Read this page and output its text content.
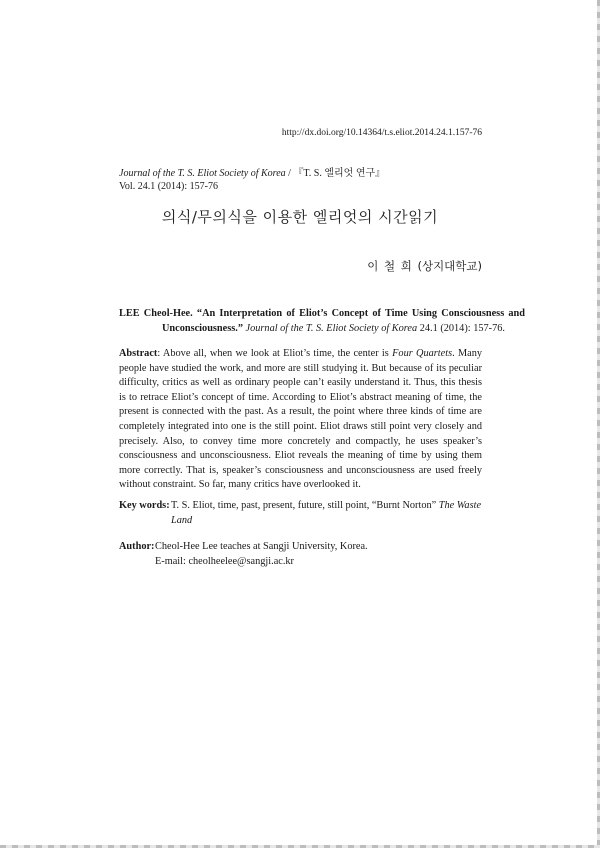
http://dx.doi.org/10.14364/t.s.eliot.2014.24.1.157-76
Journal of the T. S. Eliot Society of Korea / 『T. S. 엘리엇 연구』
Vol. 24.1 (2014): 157-76
의식/무의식을 이용한 엘리엇의 시간읽기
이 철 희 (상지대학교)
LEE Cheol-Hee. “An Interpretation of Eliot’s Concept of Time Using Consciousness and Unconsciousness.” Journal of the T. S. Eliot Society of Korea 24.1 (2014): 157-76.
Abstract: Above all, when we look at Eliot’s time, the center is Four Quartets. Many people have studied the work, and more are still studying it. But because of its peculiar difficulty, critics as well as ordinary people can’t easily understand it. Thus, this thesis is to retrace Eliot’s concept of time. According to Eliot’s abstract meaning of time, the present is connected with the past. As a result, the point where three kinds of time are completely integrated into one is the still point. Eliot draws still point very closely and precisely. Also, to convey time more concretely and compactly, he uses speaker’s consciousness and unconsciousness. Eliot reveals the meaning of time by using them more correctly. That is, speaker’s consciousness and unconsciousness are used freely without constraint. So far, many critics have overlooked it.
Key words: T. S. Eliot, time, past, present, future, still point, “Burnt Norton” The Waste Land
Author: Cheol-Hee Lee teaches at Sangji University, Korea.
E-mail: cheolheelee@sangji.ac.kr
